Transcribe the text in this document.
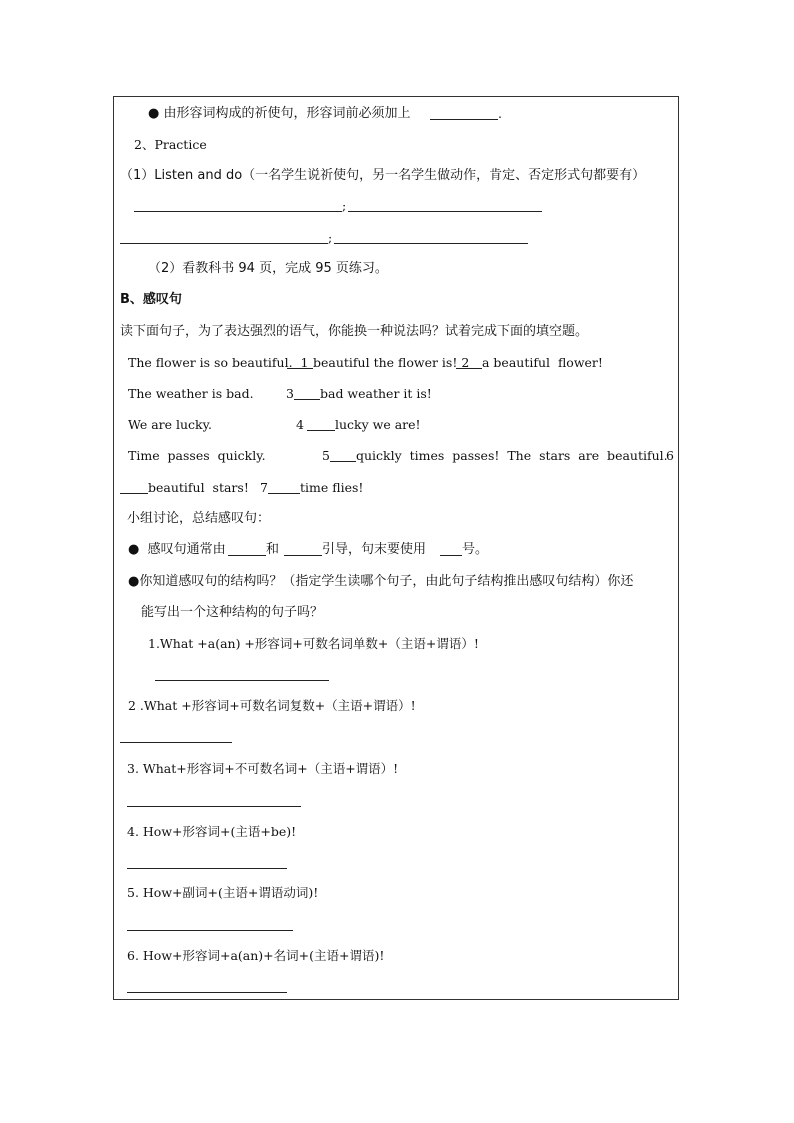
● 由形容词构成的祈使句，形容词前必须加上	.
2、Practice
（1）Listen and do（一名学生说祈使句，另一名学生做动作，肯定、否定形式句都要有）
;
;
（2）看教科书 94 页，完成 95 页练习。
B、感叹句
读下面句子，为了表达强烈的语气，你能换一种说法吗？试着完成下面的填空题。
The flower is so beautiful.  1 beautiful the flower is! 2 a beautiful  flower!
The weather is bad.	3 bad weather it is!
We are lucky.	4 lucky we are!
Time  passes  quickly.	5 quickly  times  passes!  The  stars  are  beautiful.
6
beautiful  stars! 7	time flies!
小组讨论，总结感叹句：
●  感叹句通常由	和	引导，句末要使用	号。
●你知道感叹句的结构吗？（指定学生读哪个句子，由此句子结构推出感叹句结构）你还
能写出一个这种结构的句子吗？
1.What +a(an) +形容词+可数名词单数+（主语+谓语）!
2 .What +形容词+可数名词复数+（主语+谓语）!
3. What+形容词+不可数名词+（主语+谓语）!
4. How+形容词+(主语+be)!
5. How+副词+(主语+谓语动词)!
6. How+形容词+a(an)+名词+(主语+谓语)!
